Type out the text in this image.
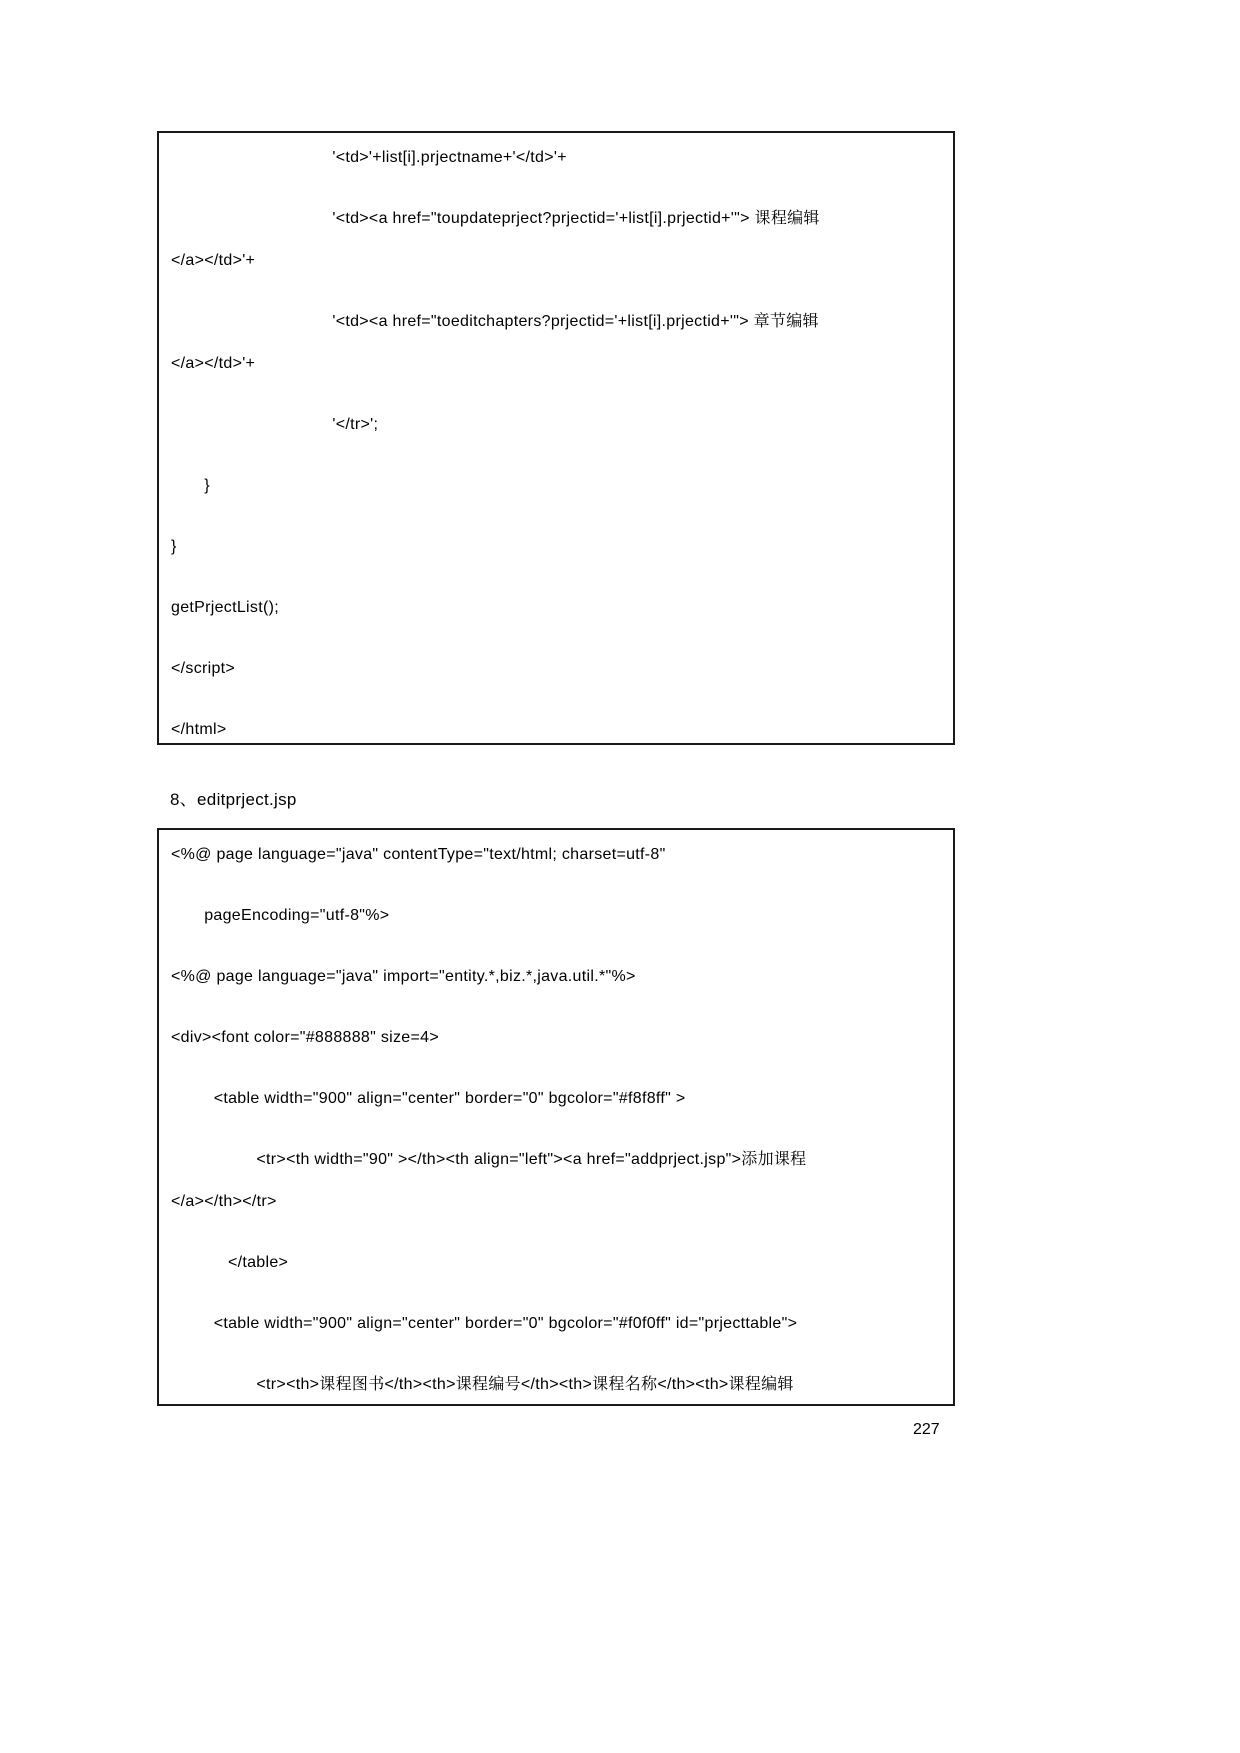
'<td>'+list[i].prjectname+'</td>'+
'<td><a href="toupdateprject?prjectid='+list[i].prjectid+'"> 课程编辑
</a></td>'+
'<td><a href="toeditchapters?prjectid='+list[i].prjectid+'"> 章节编辑
</a></td>'+
'</tr>';
}
}
getPrjectList();
</script>
</html>
8、editprject.jsp
<%@ page language="java" contentType="text/html; charset=utf-8"
pageEncoding="utf-8"%>
<%@ page language="java" import="entity.*,biz.*,java.util.*"%>
<div><font color="#888888" size=4>
<table width="900" align="center" border="0" bgcolor="#f8f8ff" >
<tr><th width="90" ></th><th align="left"><a href="addprject.jsp">添加课程
</a></th></tr>
</table>
<table width="900" align="center" border="0" bgcolor="#f0f0ff" id="prjecttable">
<tr><th>课程图书</th><th>课程编号</th><th>课程名称</th><th>课程编辑
227
